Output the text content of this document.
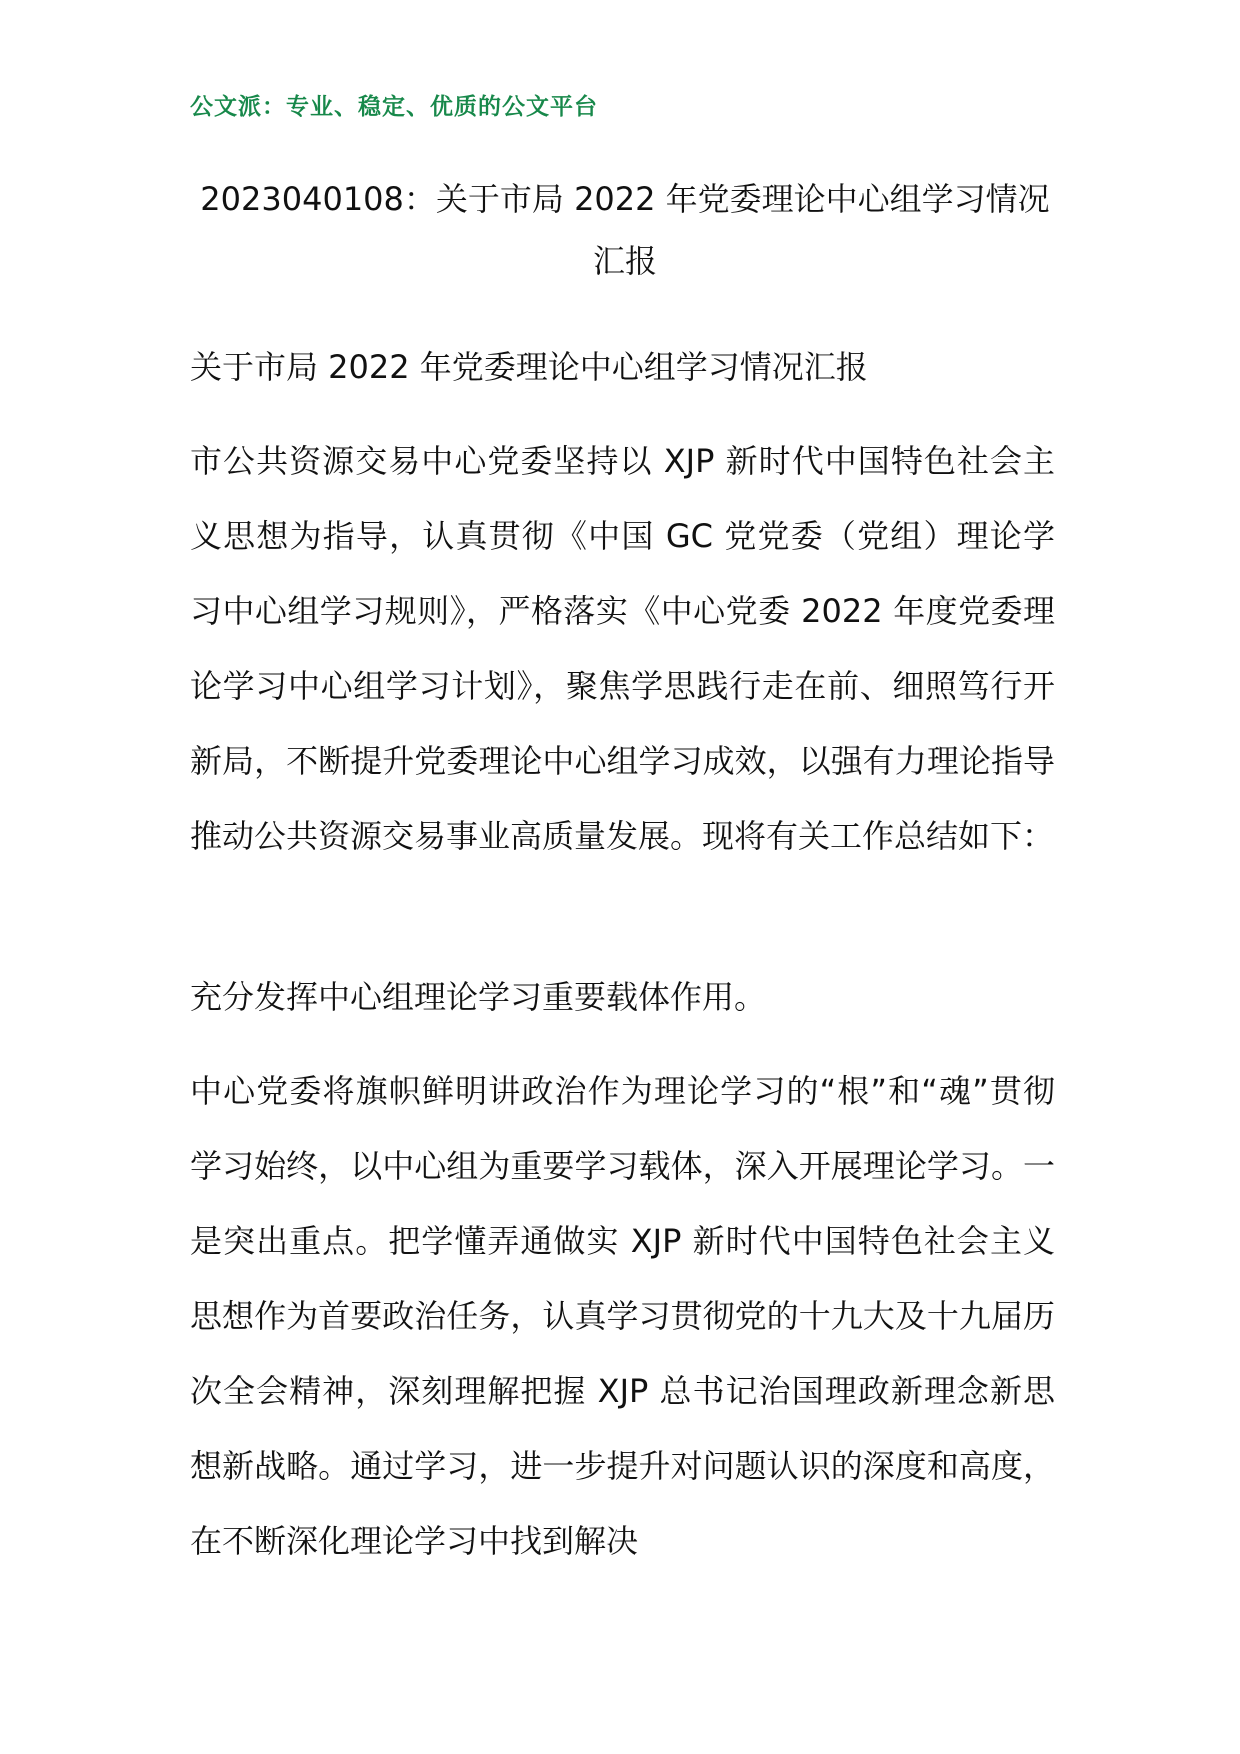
公文派：专业、稳定、优质的公文平台
2023040108：关于市局 2022 年党委理论中心组学习情况汇报

关于市局 2022 年党委理论中心组学习情况汇报

市公共资源交易中心党委坚持以 XJP 新时代中国特色社会主义思想为指导，认真贯彻《中国 GC 党党委（党组）理论学习中心组学习规则》，严格落实《中心党委 2022 年度党委理论学习中心组学习计划》，聚焦学思践行走在前、细照笃行开新局，不断提升党委理论中心组学习成效，以强有力理论指导推动公共资源交易事业高质量发展。现将有关工作总结如下：

充分发挥中心组理论学习重要载体作用。

中心党委将旗帜鲜明讲政治作为理论学习的“根”和“魂”贯彻学习始终，以中心组为重要学习载体，深入开展理论学习。一是突出重点。把学懂弄通做实 XJP 新时代中国特色社会主义思想作为首要政治任务，认真学习贯彻党的十九大及十九届历次全会精神，深刻理解把握 XJP 总书记治国理政新理念新思想新战略。通过学习，进一步提升对问题认识的深度和高度，在不断深化理论学习中找到解决
